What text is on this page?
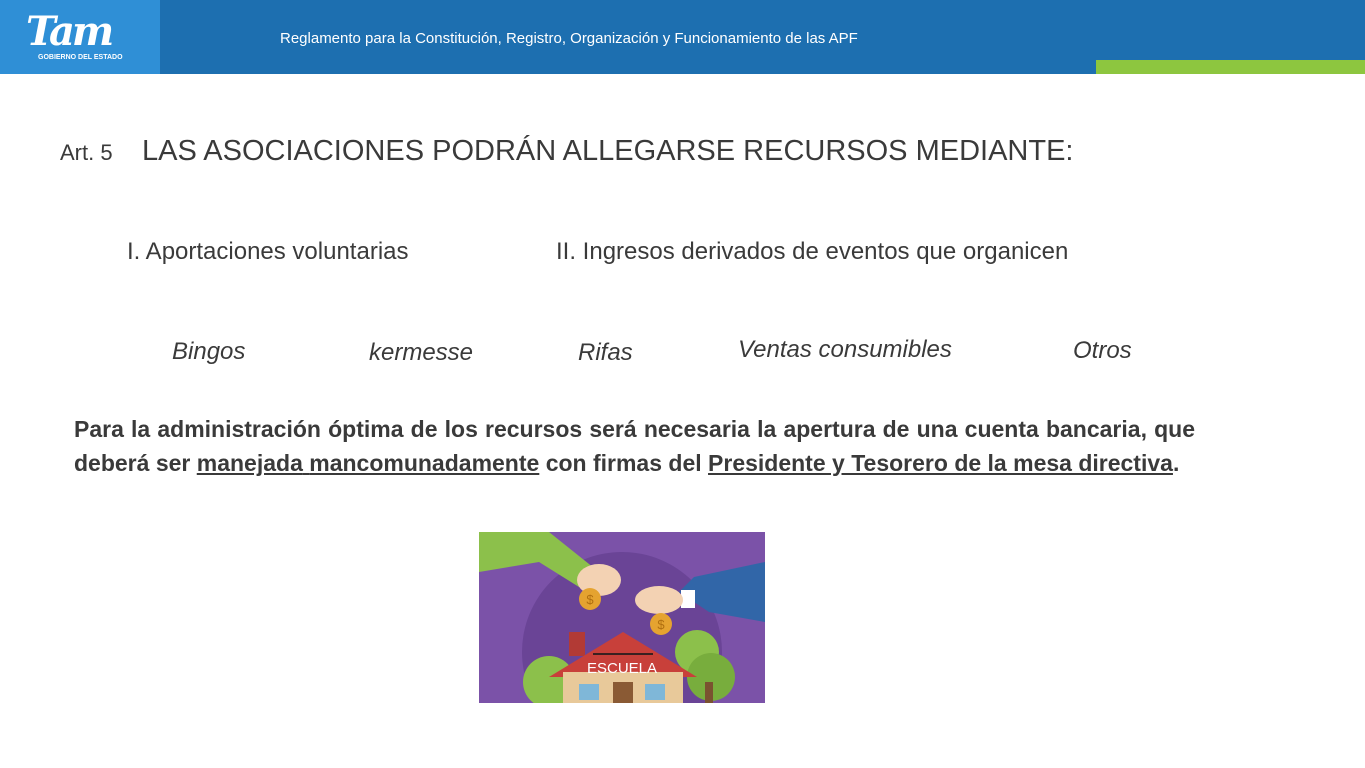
Tam
GOBIERNO DEL ESTADO
Reglamento para la Constitución, Registro, Organización y Funcionamiento de las APF
Art. 5 LAS ASOCIACIONES PODRÁN ALLEGARSE RECURSOS MEDIANTE:
I. Aportaciones voluntarias	II. Ingresos derivados de eventos que organicen
Bingos	kermesse	Rifas	Ventas consumibles	Otros
Para la administración óptima de los recursos será necesaria la apertura de una cuenta bancaria, que deberá ser manejada mancomunadamente con firmas del Presidente y Tesorero de la mesa directiva.
$
$
ESCUELA
